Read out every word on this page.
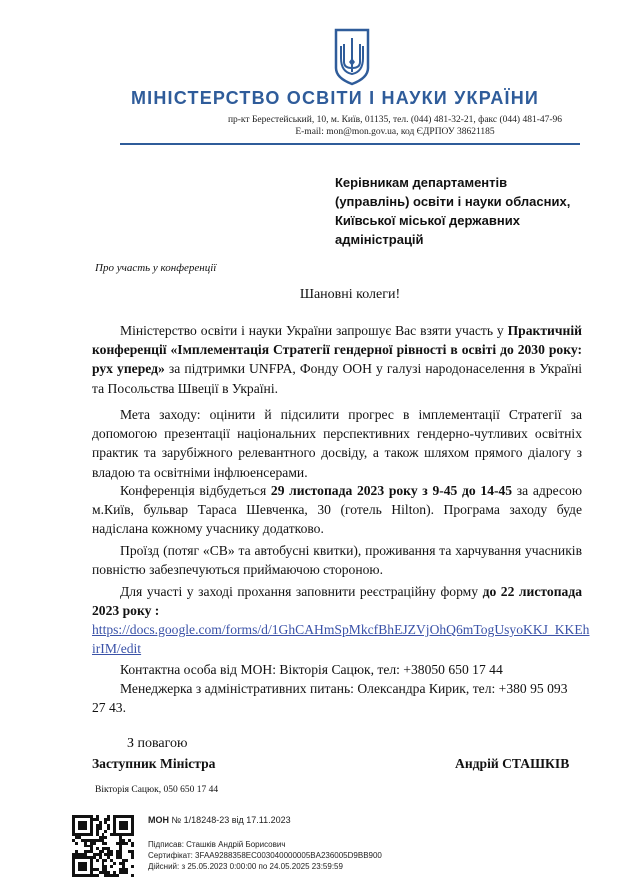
МІНІСТЕРСТВО ОСВІТИ І НАУКИ УКРАЇНИ
пр-кт Берестейський, 10, м. Київ, 01135, тел. (044) 481-32-21, факс (044) 481-47-96
E-mail: mon@mon.gov.ua, код ЄДРПОУ 38621185
Керівникам департаментів
(управлінь) освіти і науки обласних,
Київської міської державних
адміністрацій
Про участь у конференції
Шановні колеги!
Міністерство освіти і науки України запрошує Вас взяти участь у Практичній конференції «Імплементація Стратегії гендерної рівності в освіті до 2030 року: рух уперед» за підтримки UNFPA, Фонду ООН у галузі народонаселення в Україні та Посольства Швеції в Україні.
Мета заходу: оцінити й підсилити прогрес в імплементації Стратегії за допомогою презентації національних перспективних гендерно-чутливих освітніх практик та зарубіжного релевантного досвіду, а також шляхом прямого діалогу з владою та освітніми інфлюенсерами.
Конференція відбудеться 29 листопада 2023 року з 9-45 до 14-45 за адресою м.Київ, бульвар Тараса Шевченка, 30 (готель Hilton). Програма заходу буде надіслана кожному учаснику додатково.
Проїзд (потяг «СВ» та автобусні квитки), проживання та харчування учасників повністю забезпечуються приймаючою стороною.
Для участі у заході прохання заповнити реєстраційну форму до 22 листопада 2023 року :
https://docs.google.com/forms/d/1GhCAHmSpMkcfBhEJZVjOhQ6mTogUsyoKKJ_KKEhirIM/edit
Контактна особа від МОН: Вікторія Сацюк, тел: +38050 650 17 44
Менеджерка з адміністративних питань: Олександра Кирик, тел: +380 95 093 27 43.
З повагою
Заступник Міністра	Андрій СТАШКІВ
Вікторія Сацюк, 050 650 17 44
МОН № 1/18248-23 від 17.11.2023
Підписав: Сташків Андрій Борисович
Сертифікат: 3FAA9288358EC003040000005BA236005D9BB900
Дійсний: з 25.05.2023 0:00:00 по 24.05.2025 23:59:59
